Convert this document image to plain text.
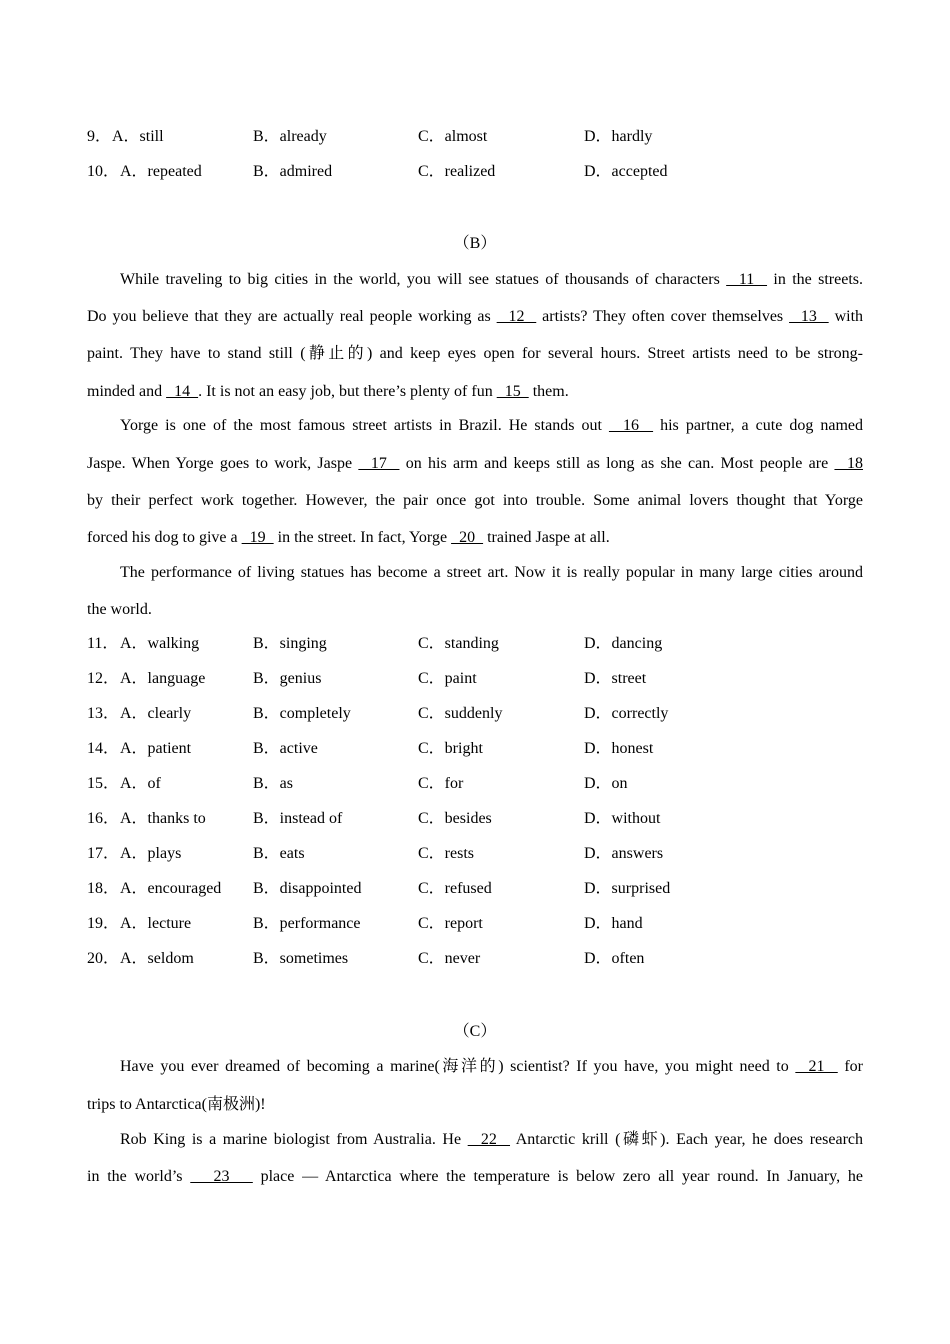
9． A．still	B．already	C．almost	D．hardly
10． A．repeated	B．admired	C．realized	D．accepted
（B）
While traveling to big cities in the world, you will see statues of thousands of characters   11   in the streets.
Do you believe that they are actually real people working as   12   artists? They often cover themselves   13   with
paint. They have to stand still (静止的) and keep eyes open for several hours. Street artists need to be strong-
minded and   14  . It is not an easy job, but there’s plenty of fun   15   them.
Yorge is one of the most famous street artists in Brazil. He stands out   16   his partner, a cute dog named
Jaspe. When Yorge goes to work, Jaspe   17   on his arm and keeps still as long as she can. Most people are   18
by their perfect work together. However, the pair once got into trouble. Some animal lovers thought that Yorge
forced his dog to give a   19   in the street. In fact, Yorge   20   trained Jaspe at all.
The performance of living statues has become a street art. Now it is really popular in many large cities around
the world.
11． A．walking	B．singing	C．standing	D．dancing
12． A．language	B．genius	C．paint	D．street
13． A．clearly	B．completely	C．suddenly	D．correctly
14． A．patient	B．active	C．bright	D．honest
15． A．of	B．as	C．for	D．on
16． A．thanks to	B．instead of	C．besides	D．without
17． A．plays	B．eats	C．rests	D．answers
18． A．encouraged B．disappointed	C．refused	D．surprised
19． A．lecture	B．performance	C．report	D．hand
20． A．seldom	B．sometimes	C．never	D．often
（C）
Have you ever dreamed of becoming a marine(海洋的) scientist? If you have, you might need to   21   for
trips to Antarctica(南极洲)!
Rob King is a marine biologist from Australia. He   22   Antarctic krill (磷虾). Each year, he does research
in the world’s    23    place — Antarctica where the temperature is below zero all year round. In January, he
